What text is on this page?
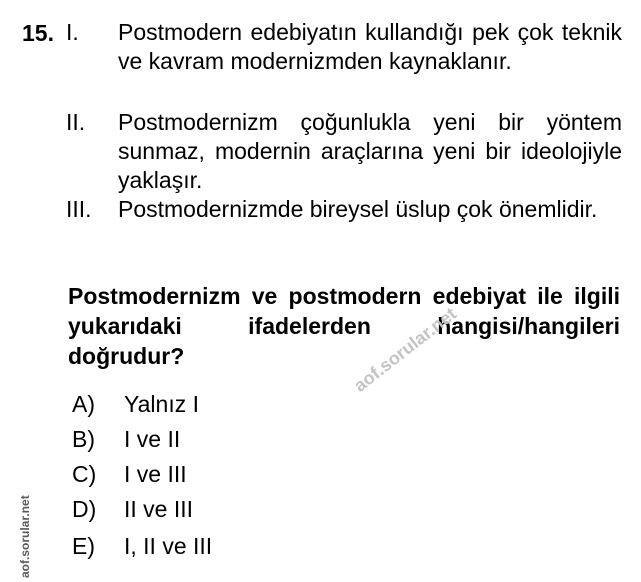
15. I.	Postmodern edebiyatın kullandığı pek çok teknik ve kavram modernizmden kaynaklanır.
II.	Postmodernizm çoğunlukla yeni bir yöntem sunmaz, modernin araçlarına yeni bir ideolojiyle yaklaşır.
III.	Postmodernizmde bireysel üslup çok önemlidir.
Postmodernizm ve postmodern edebiyat ile ilgili yukarıdaki ifadelerden hangisi/hangileri doğrudur?
A) Yalnız I
B) I ve II
C) I ve III
D) II ve III
E) I, II ve III
aof.sorular.net
aof.sorular.net
